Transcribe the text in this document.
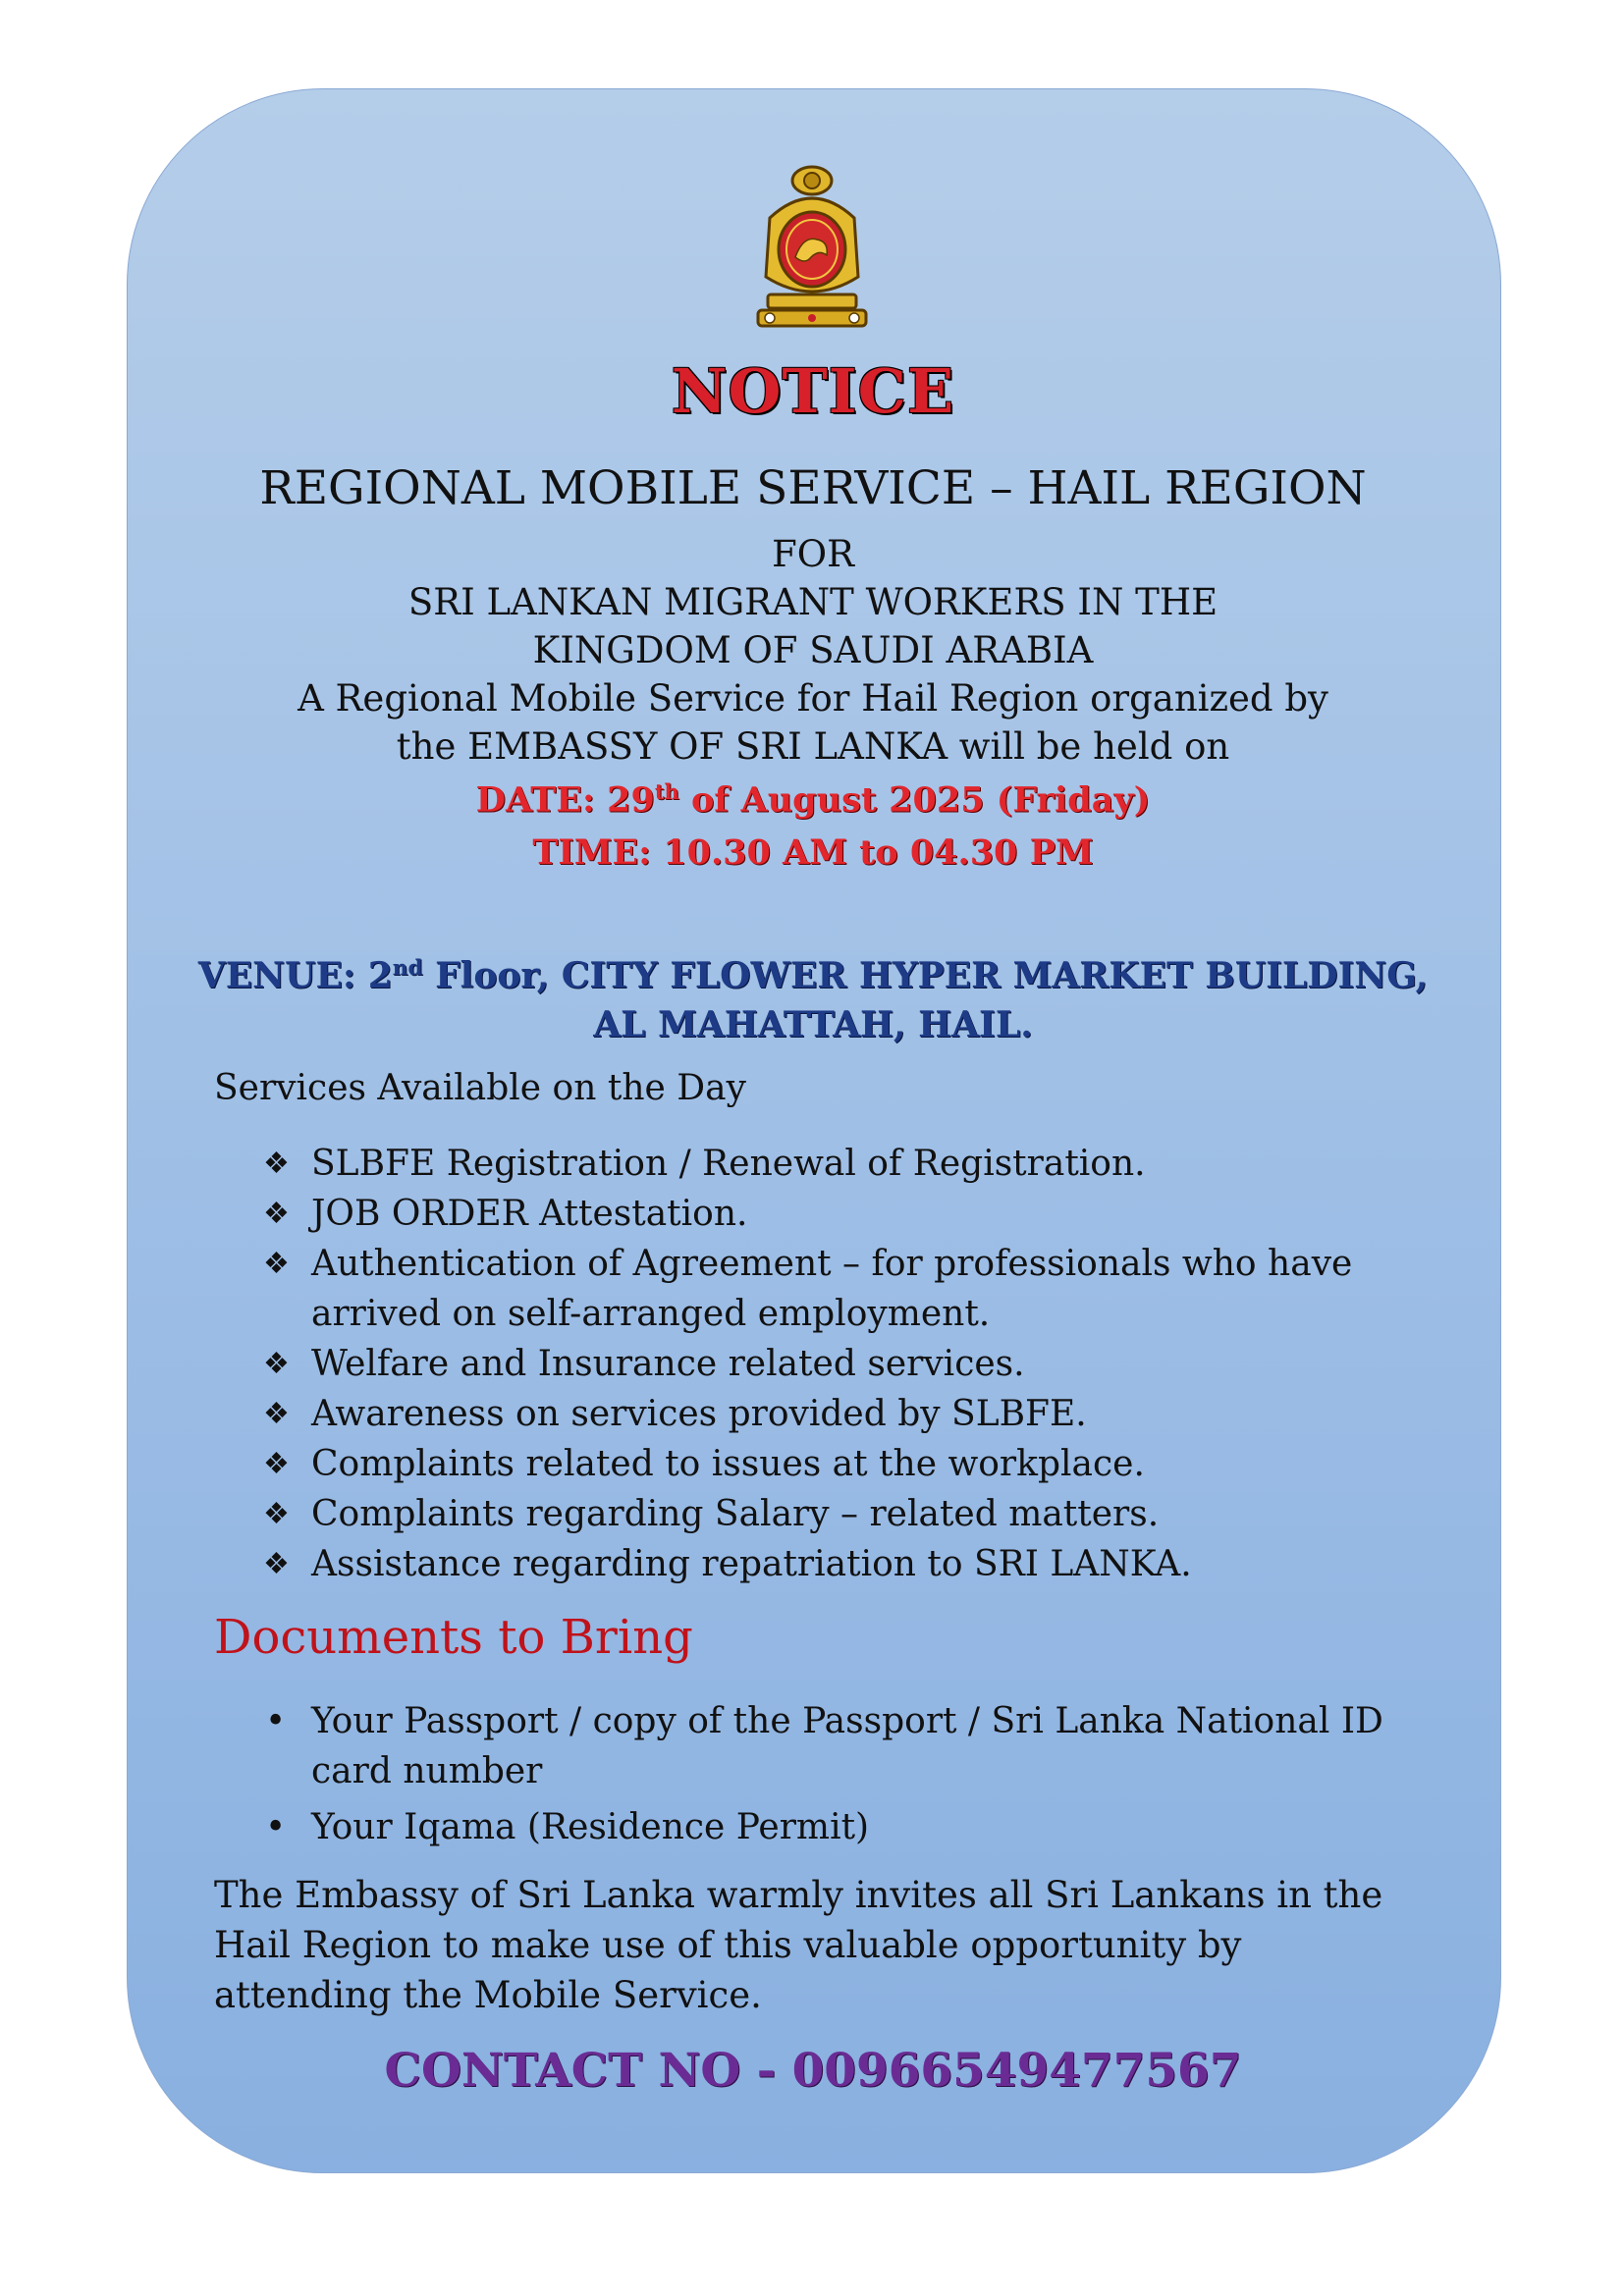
NOTICE
REGIONAL MOBILE SERVICE – HAIL REGION
FOR
SRI LANKAN MIGRANT WORKERS IN THE
KINGDOM OF SAUDI ARABIA
A Regional Mobile Service for Hail Region organized by
the EMBASSY OF SRI LANKA will be held on
DATE: 29th of August 2025 (Friday)
TIME: 10.30 AM to 04.30 PM
VENUE: 2nd Floor, CITY FLOWER HYPER MARKET BUILDING,
AL MAHATTAH, HAIL.
Services Available on the Day
❖ SLBFE Registration / Renewal of Registration.
❖ JOB ORDER Attestation.
❖ Authentication of Agreement – for professionals who have arrived on self-arranged employment.
❖ Welfare and Insurance related services.
❖ Awareness on services provided by SLBFE.
❖ Complaints related to issues at the workplace.
❖ Complaints regarding Salary – related matters.
❖ Assistance regarding repatriation to SRI LANKA.
Documents to Bring
• Your Passport / copy of the Passport / Sri Lanka National ID card number
• Your Iqama (Residence Permit)
The Embassy of Sri Lanka warmly invites all Sri Lankans in the Hail Region to make use of this valuable opportunity by attending the Mobile Service.
CONTACT NO - 00966549477567
